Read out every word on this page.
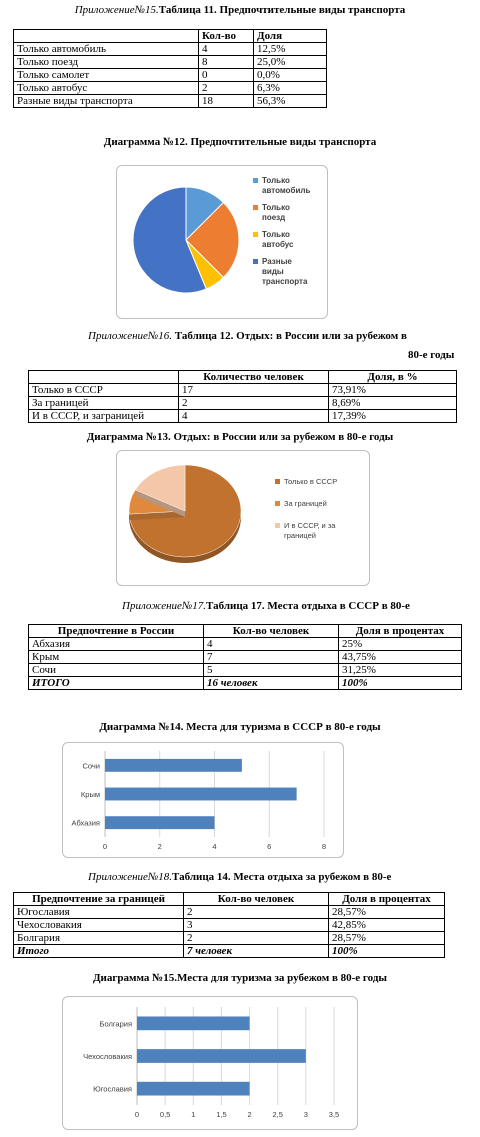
Приложение№15.Таблица 11. Предпочтительные виды транспорта
	Кол-во	Доля
Только автомобиль	4	12,5%
Только поезд	8	25,0%
Только самолет	0	0,0%
Только автобус	2	6,3%
Разные виды транспорта	18	56,3%
Диаграмма №12. Предпочтительные виды транспорта
Только
автомобиль
Только
поезд
Только
автобус
Разные
виды
транспорта
Приложение№16. Таблица 12. Отдых: в России или за рубежом в
80-е годы
	Количество человек	Доля, в %
Только в СССР	17	73,91%
За границей	2	8,69%
И в СССР, и заграницей	4	17,39%
Диаграмма №13. Отдых: в России или за рубежом в 80-е годы
Только в СССР
За границей
И в СССР, и за
границей
Приложение№17.Таблица 17. Места отдыха в СССР в 80-е
Предпочтение в России	Кол-во человек	Доля в процентах
Абхазия	4	25%
Крым	7	43,75%
Сочи	5	31,25%
ИТОГО	16 человек	100%
Диаграмма №14. Места для туризма в СССР в 80-е годы
0	2	4	6	8
Абхазия
Крым
Сочи
Приложение№18.Таблица 14. Места отдыха за рубежом в 80-е
Предпочтение за границей	Кол-во человек	Доля в процентах
Югославия	2	28,57%
Чехословакия	3	42,85%
Болгария	2	28,57%
Итого	7 человек	100%
Диаграмма №15.Места для туризма за рубежом в 80-е годы
0	0,5	1	1,5	2	2,5	3	3,5
Югославия
Чехословакия
Болгария
